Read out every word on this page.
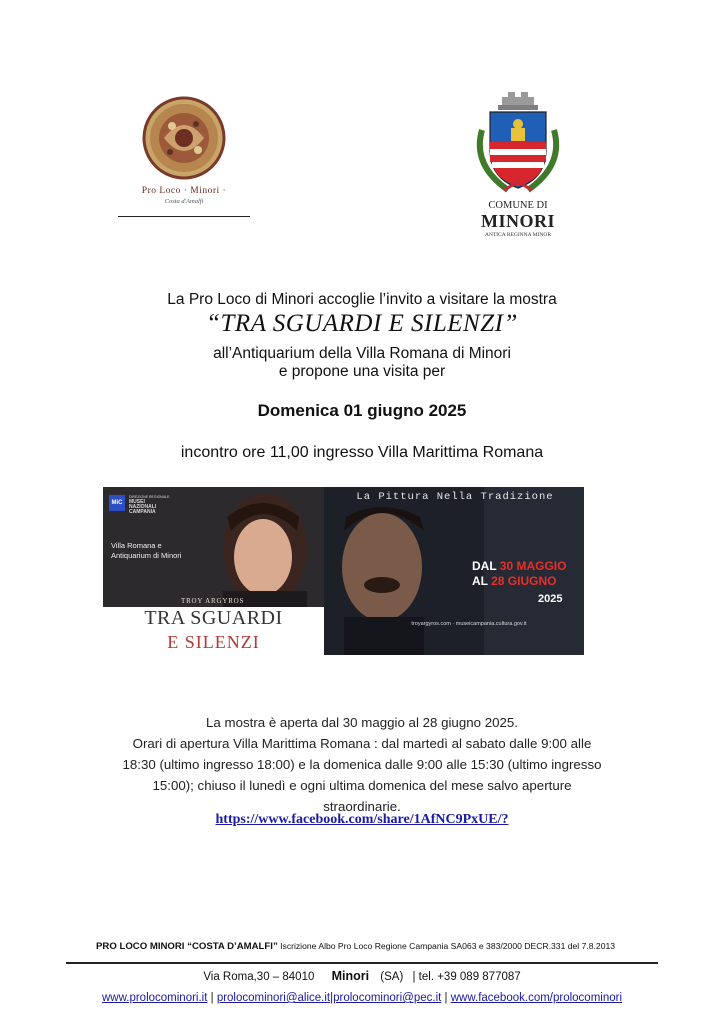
Pro Loco · Minori ·
Costa d'Amalfi	COMUNE DI
MINORI
ANTICA REGINNA MINOR
La Pro Loco di Minori accoglie l’invito a visitare la mostra
“TRA SGUARDI E SILENZI”
all’Antiquarium della Villa Romana di Minori
e propone una visita per
Domenica 01 giugno 2025
incontro ore 11,00 ingresso Villa Marittima Romana
MiC
DIREZIONE REGIONALE
MUSEI
NAZIONALI
CAMPANIA
Villa Romana e
Antiquarium di Minori
TROY ARGYROS
TRA SGUARDI
E SILENZI
La Pittura Nella Tradizione
DAL 30 MAGGIO
AL 28 GIUGNO
2025
troyargyros.com · museicampania.cultura.gov.it
La mostra è aperta dal 30 maggio al 28 giugno 2025.
Orari di apertura Villa Marittima Romana : dal martedì al sabato dalle 9:00 alle
18:30 (ultimo ingresso 18:00) e la domenica dalle 9:00 alle 15:30 (ultimo ingresso
15:00); chiuso il lunedì e ogni ultima domenica del mese salvo aperture
straordinarie.
https://www.facebook.com/share/1AfNC9PxUE/?
PRO LOCO MINORI “COSTA D’AMALFI” Iscrizione Albo Pro Loco Regione Campania SA063 e 383/2000 DECR.331 del 7.8.2013
Via Roma,30 – 84010 Minori (SA) | tel. +39 089 877087
www.prolocominori.it | prolocominori@alice.it|prolocominori@pec.it | www.facebook.com/prolocominori
